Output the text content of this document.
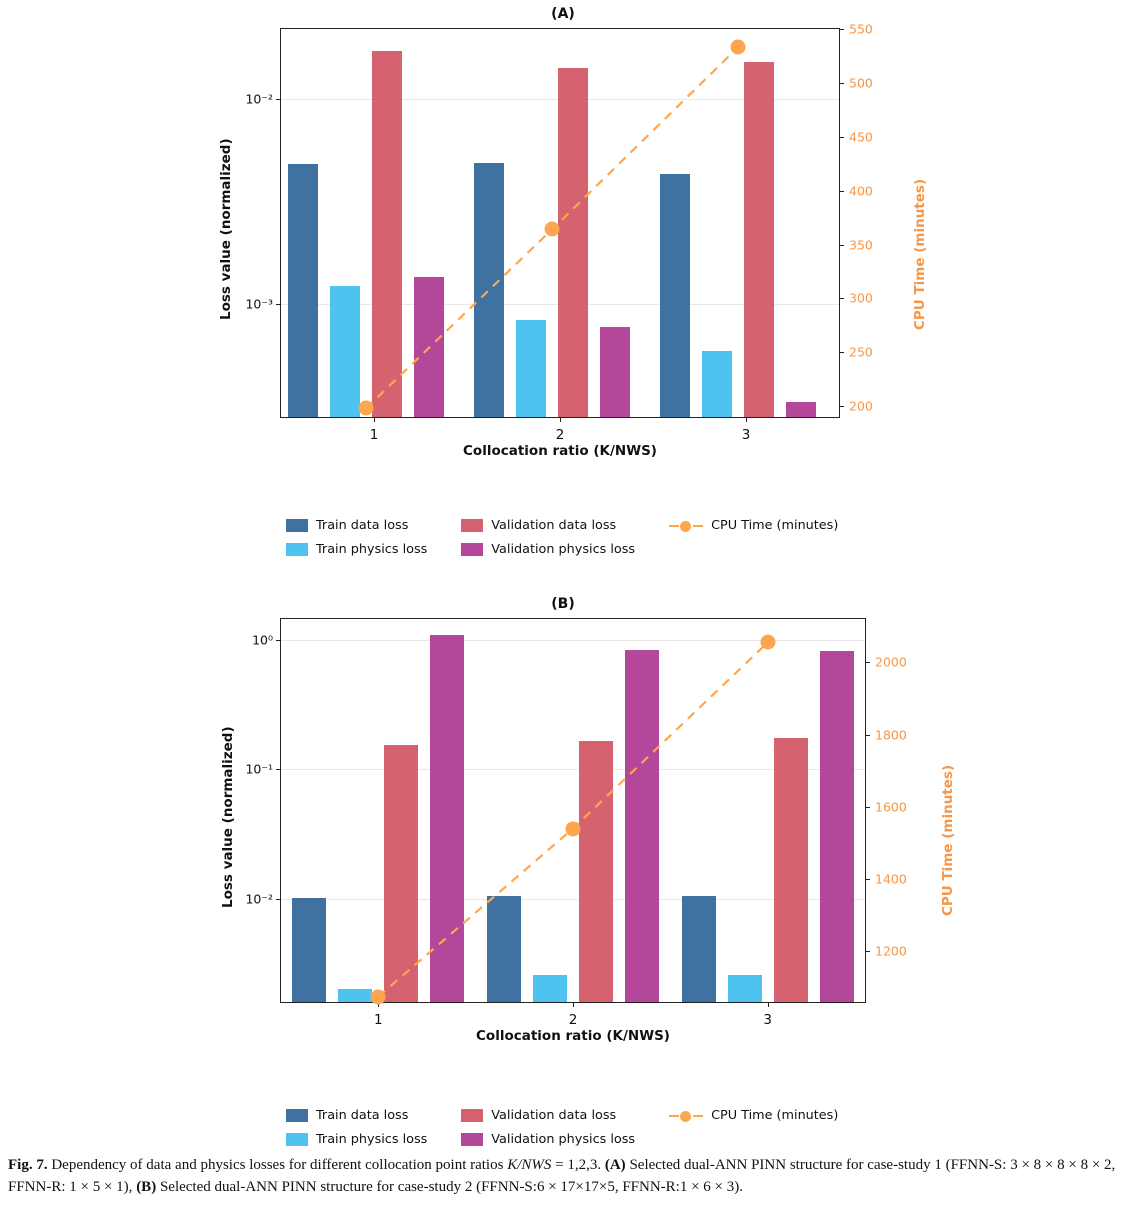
(A)
10⁻³
10⁻²
200
250
300
350
400
450
500
550
1	2	3
Loss value (normalized)	CPU Time (minutes)
Collocation ratio (K/NWS)
Train data loss	Validation data loss	CPU Time (minutes)
Train physics loss	Validation physics loss
(B)
10⁻²
10⁻¹
10⁰
1200
1400
1600
1800
2000
1	2	3
Loss value (normalized)	CPU Time (minutes)
Collocation ratio (K/NWS)
Train data loss	Validation data loss	CPU Time (minutes)
Train physics loss	Validation physics loss
Fig. 7. Dependency of data and physics losses for different collocation point ratios K/NWS = 1,2,3. (A) Selected dual-ANN PINN structure for case-study 1 (FFNN-S: 3 × 8 × 8 × 8 × 2, FFNN-R: 1 × 5 × 1), (B) Selected dual-ANN PINN structure for case-study 2 (FFNN-S:6 × 17×17×5, FFNN-R:1 × 6 × 3).
